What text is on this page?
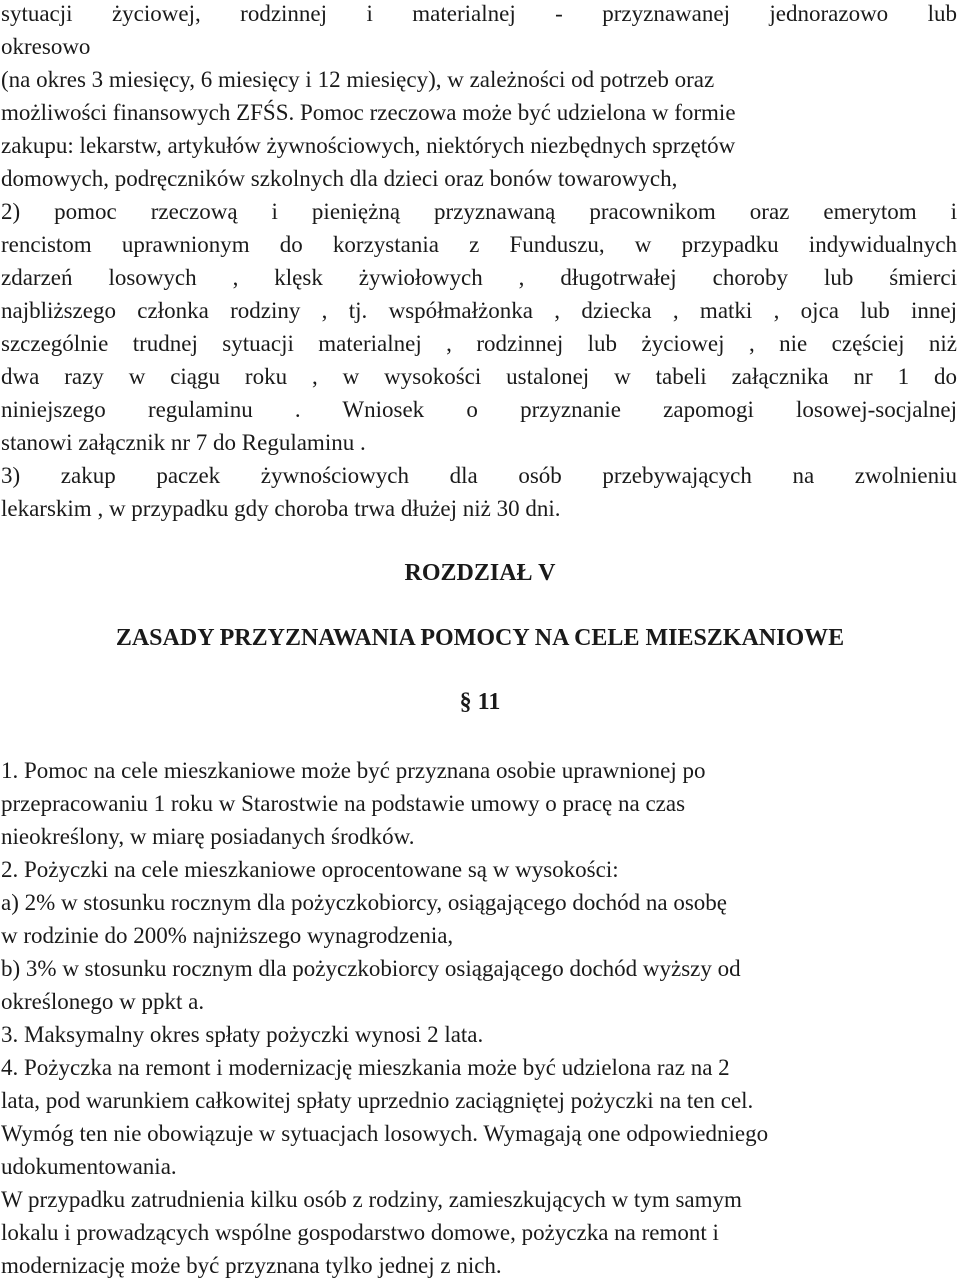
sytuacji życiowej, rodzinnej i materialnej - przyznawanej jednorazowo lub
okresowo
(na okres 3 miesięcy, 6 miesięcy i 12 miesięcy), w zależności od potrzeb oraz
możliwości finansowych ZFŚS. Pomoc rzeczowa może być udzielona w formie
zakupu: lekarstw, artykułów żywnościowych, niektórych niezbędnych sprzętów
domowych, podręczników szkolnych dla dzieci oraz bonów towarowych,
2) pomoc rzeczową i pieniężną przyznawaną pracownikom oraz emerytom i
rencistom uprawnionym do korzystania z Funduszu, w przypadku indywidualnych
zdarzeń losowych , klęsk żywiołowych , długotrwałej choroby lub śmierci
najbliższego członka rodziny , tj. współmałżonka , dziecka , matki , ojca lub innej
szczególnie trudnej sytuacji materialnej , rodzinnej lub życiowej , nie częściej niż
dwa razy w ciągu roku , w wysokości ustalonej w tabeli załącznika nr 1 do
niniejszego regulaminu . Wniosek o przyznanie zapomogi losowej-socjalnej
stanowi załącznik nr 7 do Regulaminu .
3) zakup paczek żywnościowych dla osób przebywających na zwolnieniu
lekarskim , w przypadku gdy choroba trwa dłużej niż 30 dni.
ROZDZIAŁ V
ZASADY PRZYZNAWANIA POMOCY NA CELE MIESZKANIOWE
§ 11
1. Pomoc na cele mieszkaniowe może być przyznana osobie uprawnionej po
przepracowaniu 1 roku w Starostwie na podstawie umowy o pracę na czas
nieokreślony, w miarę posiadanych środków.
2. Pożyczki na cele mieszkaniowe oprocentowane są w wysokości:
a) 2% w stosunku rocznym dla pożyczkobiorcy, osiągającego dochód na osobę
w rodzinie do 200% najniższego wynagrodzenia,
b) 3% w stosunku rocznym dla pożyczkobiorcy osiągającego dochód wyższy od
określonego w ppkt a.
3. Maksymalny okres spłaty pożyczki wynosi 2 lata.
4. Pożyczka na remont i modernizację mieszkania może być udzielona raz na 2
lata, pod warunkiem całkowitej spłaty uprzednio zaciągniętej pożyczki na ten cel.
Wymóg ten nie obowiązuje w sytuacjach losowych. Wymagają one odpowiedniego
udokumentowania.
W przypadku zatrudnienia kilku osób z rodziny, zamieszkujących w tym samym
lokalu i prowadzących wspólne gospodarstwo domowe, pożyczka na remont i
modernizację może być przyznana tylko jednej z nich.
